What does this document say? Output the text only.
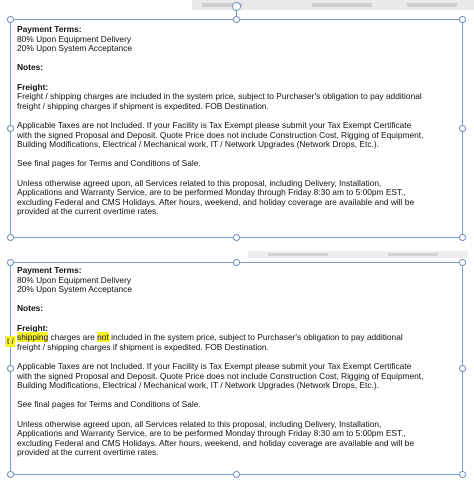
Payment Terms:

80% Upon Equipment Delivery

20% Upon System Acceptance

Notes:

Freight:

Freight / shipping charges are included in the system price, subject to Purchaser's obligation to pay additional

freight / shipping charges if shipment is expedited. FOB Destination.

Applicable Taxes are not Included. If your Facility is Tax Exempt please submit your Tax Exempt Certificate

with the signed Proposal and Deposit. Quote Price does not include Construction Cost, Rigging of Equipment,

Building Modifications, Electrical / Mechanical work, IT / Network Upgrades (Network Drops, Etc.).

See final pages for Terms and Conditions of Sale.

Unless otherwise agreed upon, all Services related to this proposal, including Delivery, Installation,

Applications and Warranty Service, are to be performed Monday through Friday 8:30 am to 5:00pm EST.,

excluding Federal and CMS Holidays. After hours, weekend, and holiday coverage are available and will be

provided at the current overtime rates.

t /

Payment Terms:

80% Upon Equipment Delivery

20% Upon System Acceptance

Notes:

Freight:

shipping charges are not included in the system price, subject to Purchaser's obligation to pay additional

freight / shipping charges if shipment is expedited. FOB Destination.

Applicable Taxes are not Included. If your Facility is Tax Exempt please submit your Tax Exempt Certificate

with the signed Proposal and Deposit. Quote Price does not include Construction Cost, Rigging of Equipment,

Building Modifications, Electrical / Mechanical work, IT / Network Upgrades (Network Drops, Etc.).

See final pages for Terms and Conditions of Sale.

Unless otherwise agreed upon, all Services related to this proposal, including Delivery, Installation,

Applications and Warranty Service, are to be performed Monday through Friday 8:30 am to 5:00pm EST.,

excluding Federal and CMS Holidays. After hours, weekend, and holiday coverage are available and will be

provided at the current overtime rates.
